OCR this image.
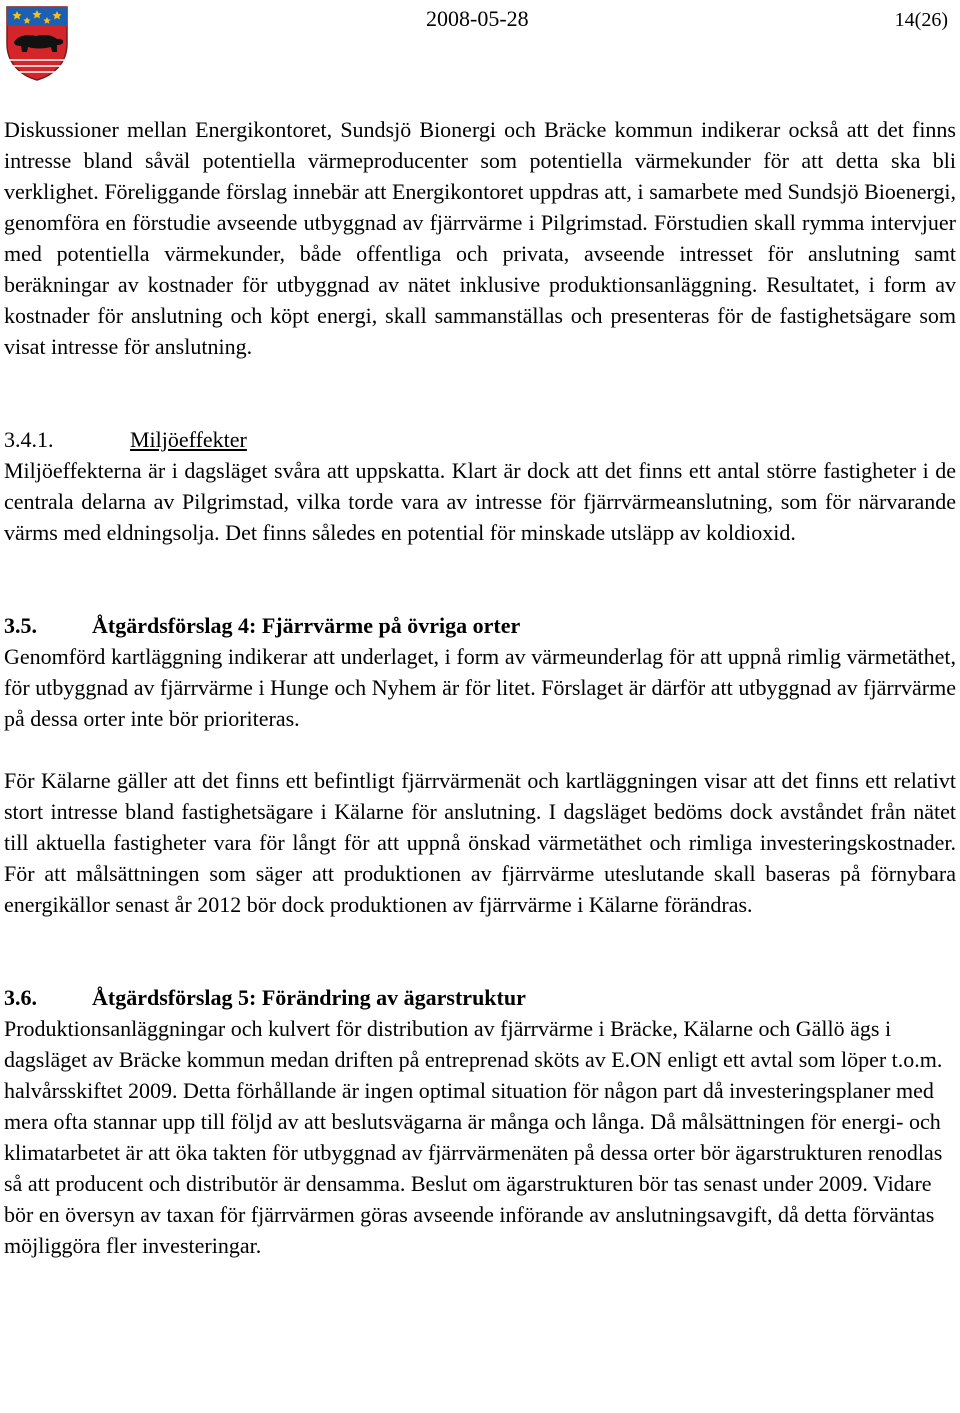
2008-05-28	14(26)

Diskussioner mellan Energikontoret, Sundsjö Bionergi och Bräcke kommun indikerar också att det finns intresse bland såväl potentiella värmeproducenter som potentiella värmekunder för att detta ska bli verklighet. Föreliggande förslag innebär att Energikontoret uppdras att, i samarbete med Sundsjö Bioenergi, genomföra en förstudie avseende utbyggnad av fjärrvärme i Pilgrimstad. Förstudien skall rymma intervjuer med potentiella värmekunder, både offentliga och privata, avseende intresset för anslutning samt beräkningar av kostnader för utbyggnad av nätet inklusive produktionsanläggning. Resultatet, i form av kostnader för anslutning och köpt energi, skall sammanställas och presenteras för de fastighetsägare som visat intresse för anslutning.

3.4.1.	Miljöeffekter

Miljöeffekterna är i dagsläget svåra att uppskatta. Klart är dock att det finns ett antal större fastigheter i de centrala delarna av Pilgrimstad, vilka torde vara av intresse för fjärrvärmeanslutning, som för närvarande värms med eldningsolja. Det finns således en potential för minskade utsläpp av koldioxid.

3.5.	Åtgärdsförslag 4: Fjärrvärme på övriga orter

Genomförd kartläggning indikerar att underlaget, i form av värmeunderlag för att uppnå rimlig värmetäthet, för utbyggnad av fjärrvärme i Hunge och Nyhem är för litet. Förslaget är därför att utbyggnad av fjärrvärme på dessa orter inte bör prioriteras.

För Kälarne gäller att det finns ett befintligt fjärrvärmenät och kartläggningen visar att det finns ett relativt stort intresse bland fastighetsägare i Kälarne för anslutning. I dagsläget bedöms dock avståndet från nätet till aktuella fastigheter vara för långt för att uppnå önskad värmetäthet och rimliga investeringskostnader. För att målsättningen som säger att produktionen av fjärrvärme uteslutande skall baseras på förnybara energikällor senast år 2012 bör dock produktionen av fjärrvärme i Kälarne förändras.

3.6.	Åtgärdsförslag 5: Förändring av ägarstruktur

Produktionsanläggningar och kulvert för distribution av fjärrvärme i Bräcke, Kälarne och Gällö ägs i dagsläget av Bräcke kommun medan driften på entreprenad sköts av E.ON enligt ett avtal som löper t.o.m. halvårsskiftet 2009. Detta förhållande är ingen optimal situation för någon part då investeringsplaner med mera ofta stannar upp till följd av att beslutsvägarna är många och långa. Då målsättningen för energi- och klimatarbetet är att öka takten för utbyggnad av fjärrvärmenäten på dessa orter bör ägarstrukturen renodlas så att producent och distributör är densamma. Beslut om ägarstrukturen bör tas senast under 2009. Vidare bör en översyn av taxan för fjärrvärmen göras avseende införande av anslutningsavgift, då detta förväntas möjliggöra fler investeringar.
